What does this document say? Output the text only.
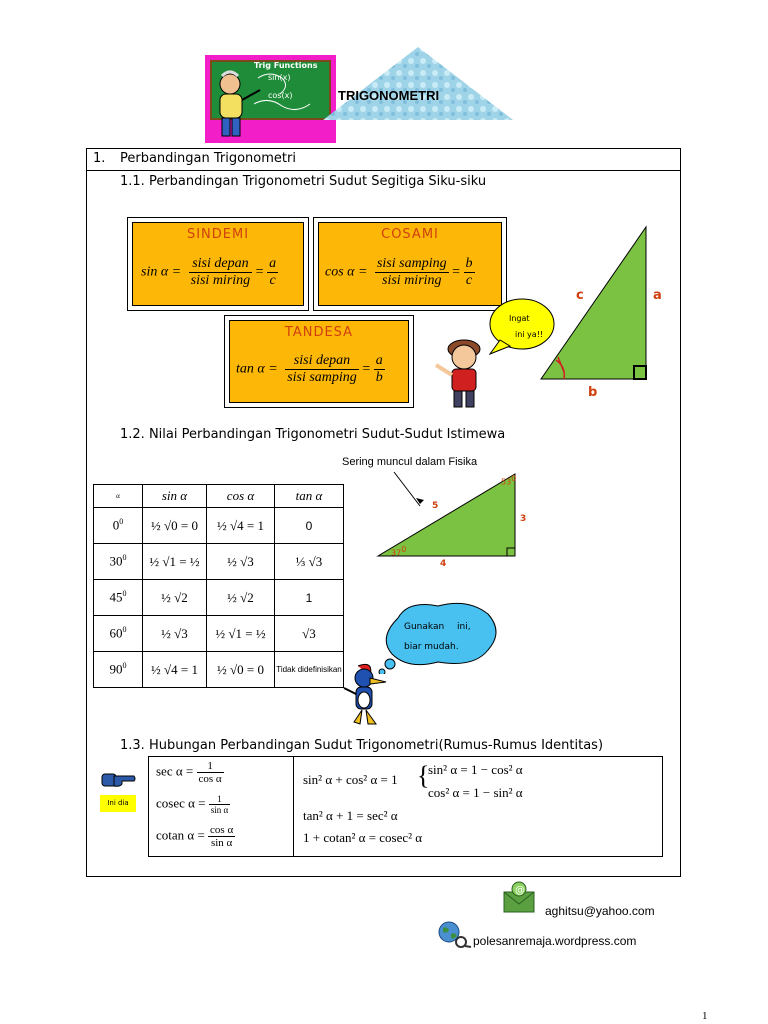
Trig Functions
sin(x)
cos(x)	TRIGONOMETRI
1. Perbandingan Trigonometri
1.1. Perbandingan Trigonometri Sudut Segitiga Siku-siku
SINDEMI
$\sin \alpha = \frac{\text{sisi depan}}{\text{sisi miring}} = \frac{a}{c}$
COSAMI
$\cos \alpha = \frac{\text{sisi samping}}{\text{sisi miring}} = \frac{b}{c}$
TANDESA
$\tan \alpha = \frac{\text{sisi depan}}{\text{sisi samping}} = \frac{a}{b}$
Ingat
ini ya!!
c	a
b
1.2. Nilai Perbandingan Trigonometri Sudut-Sudut Istimewa
α	sin α	cos α	tan α
$0^0$	½ √0 = 0	½ √4 = 1	0
$30^0$	½ √1 = ½	½ √3	⅓ √3
$45^0$	½ √2	½ √2	1
$60^0$	½ √3	½ √1 = ½	√3
$90^0$	½ √4 = 1	½ √0 = 0	Tidak didefinisikan
Sering muncul dalam Fisika
$53^0$
$37^0$
5
3
4
Gunakan ini,
biar mudah.
1.3. Hubungan Perbandingan Sudut Trigonometri(Rumus-Rumus Identitas)
Ini dia
$\sec \alpha = \frac{1}{\text{cos α}}$
cosec $\alpha = \frac{1}{\text{sin α}}$
cotan $\alpha = \frac{\text{cos α}}{\text{sin α}}$
sin² α + cos² α = 1 {
sin² α = 1 − cos² α
cos² α = 1 − sin² α
tan² α + 1 = sec² α
1 + cotan² α = cosec² α
@
aghitsu@yahoo.com
polesanremaja.wordpress.com
1
